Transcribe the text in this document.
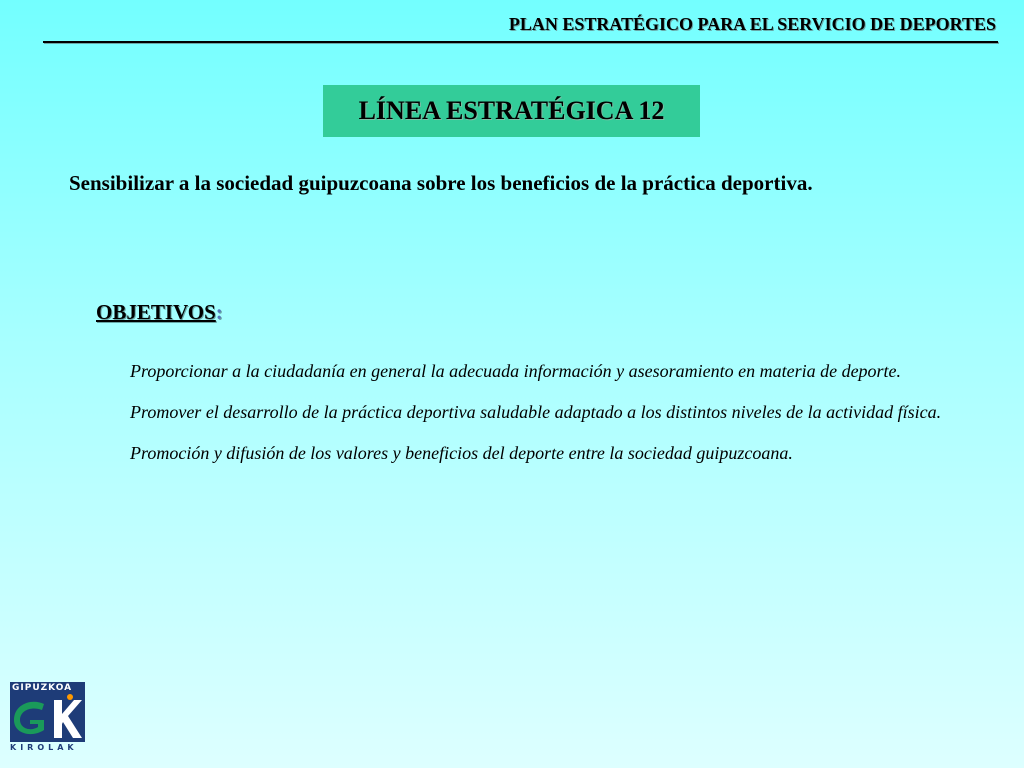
PLAN ESTRATÉGICO PARA EL SERVICIO DE DEPORTES
LÍNEA ESTRATÉGICA 12
Sensibilizar a la sociedad guipuzcoana sobre los beneficios de la práctica deportiva.
OBJETIVOS:
Proporcionar a la ciudadanía en general la adecuada información y asesoramiento en materia de deporte.
Promover el desarrollo de la práctica deportiva saludable adaptado a los distintos niveles de la actividad física.
Promoción y difusión de los valores y beneficios del deporte entre la sociedad guipuzcoana.
GIPUZKOA
KIROLAK
